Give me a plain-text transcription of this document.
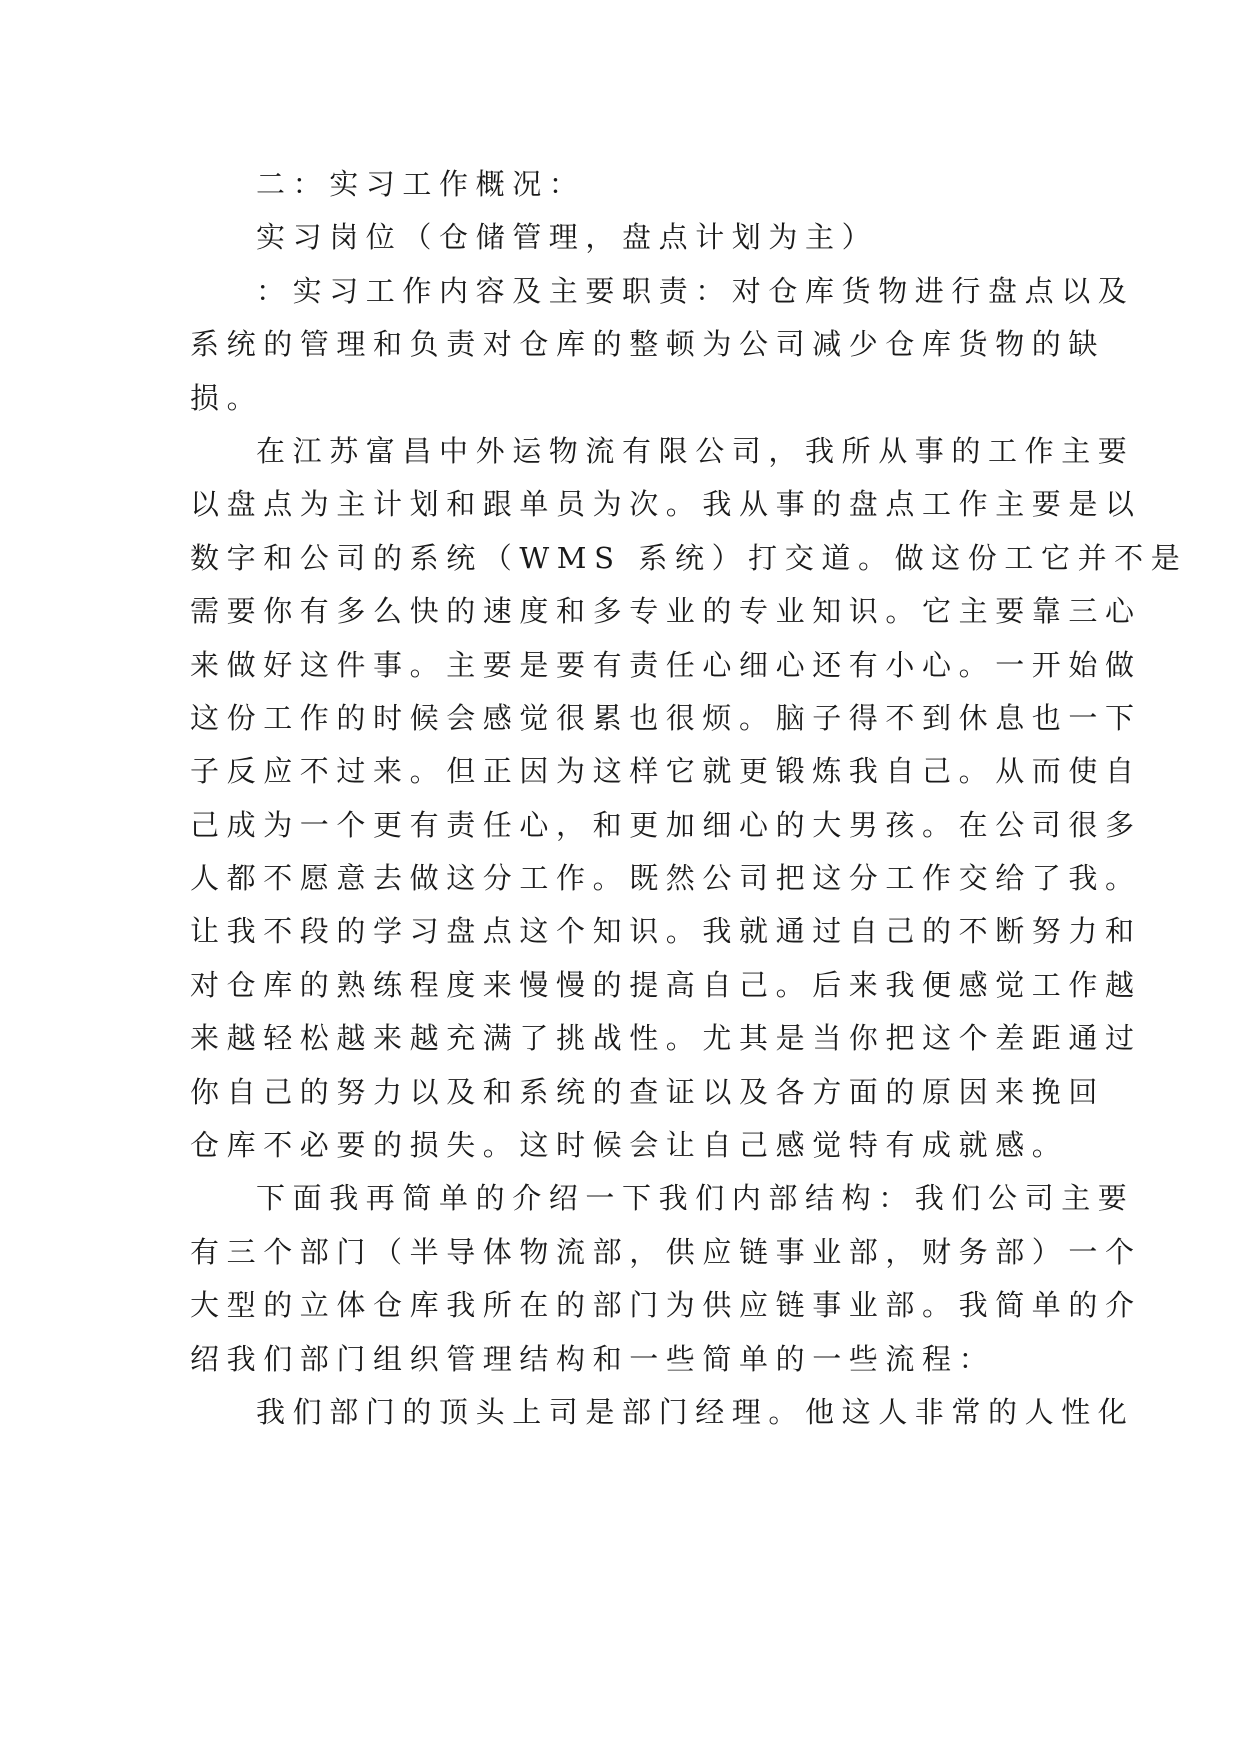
二：实习工作概况：
实习岗位（仓储管理，盘点计划为主）
：实习工作内容及主要职责：对仓库货物进行盘点以及
系统的管理和负责对仓库的整顿为公司减少仓库货物的缺
损。
在江苏富昌中外运物流有限公司，我所从事的工作主要
以盘点为主计划和跟单员为次。我从事的盘点工作主要是以
数字和公司的系统（WMS 系统）打交道。做这份工它并不是
需要你有多么快的速度和多专业的专业知识。它主要靠三心
来做好这件事。主要是要有责任心细心还有小心。一开始做
这份工作的时候会感觉很累也很烦。脑子得不到休息也一下
子反应不过来。但正因为这样它就更锻炼我自己。从而使自
己成为一个更有责任心，和更加细心的大男孩。在公司很多
人都不愿意去做这分工作。既然公司把这分工作交给了我。
让我不段的学习盘点这个知识。我就通过自己的不断努力和
对仓库的熟练程度来慢慢的提高自己。后来我便感觉工作越
来越轻松越来越充满了挑战性。尤其是当你把这个差距通过
你自己的努力以及和系统的查证以及各方面的原因来挽回
仓库不必要的损失。这时候会让自己感觉特有成就感。
下面我再简单的介绍一下我们内部结构：我们公司主要
有三个部门（半导体物流部，供应链事业部，财务部）一个
大型的立体仓库我所在的部门为供应链事业部。我简单的介
绍我们部门组织管理结构和一些简单的一些流程：
我们部门的顶头上司是部门经理。他这人非常的人性化
